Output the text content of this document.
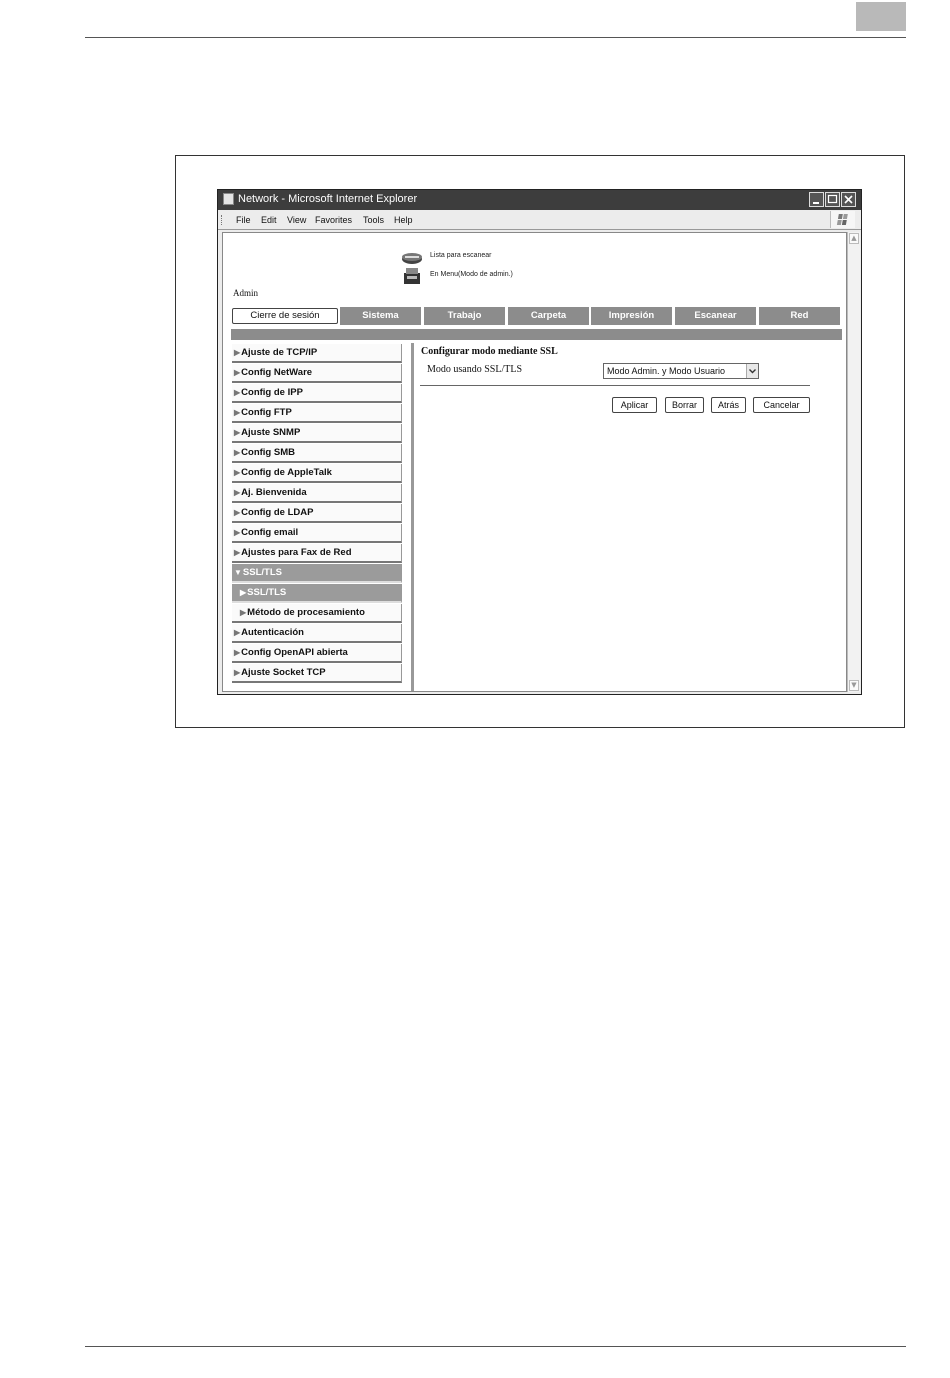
Network - Microsoft Internet Explorer
File Edit View Favorites Tools Help
Lista para escanear
En Menu(Modo de admin.)
Admin
Cierre de sesión	Sistema	Trabajo	Carpeta	Impresión	Escanear	Red
▶Ajuste de TCP/IP
▶Config NetWare
▶Config de IPP
▶Config FTP
▶Ajuste SNMP
▶Config SMB
▶Config de AppleTalk
▶Aj. Bienvenida
▶Config de LDAP
▶Config email
▶Ajustes para Fax de Red
▼SSL/TLS
▶SSL/TLS
▶Método de procesamiento
▶Autenticación
▶Config OpenAPI abierta
▶Ajuste Socket TCP
Configurar modo mediante SSL
Modo usando SSL/TLS	Modo Admin. y Modo Usuario
Aplicar	Borrar	Atrás	Cancelar
▲
▼
